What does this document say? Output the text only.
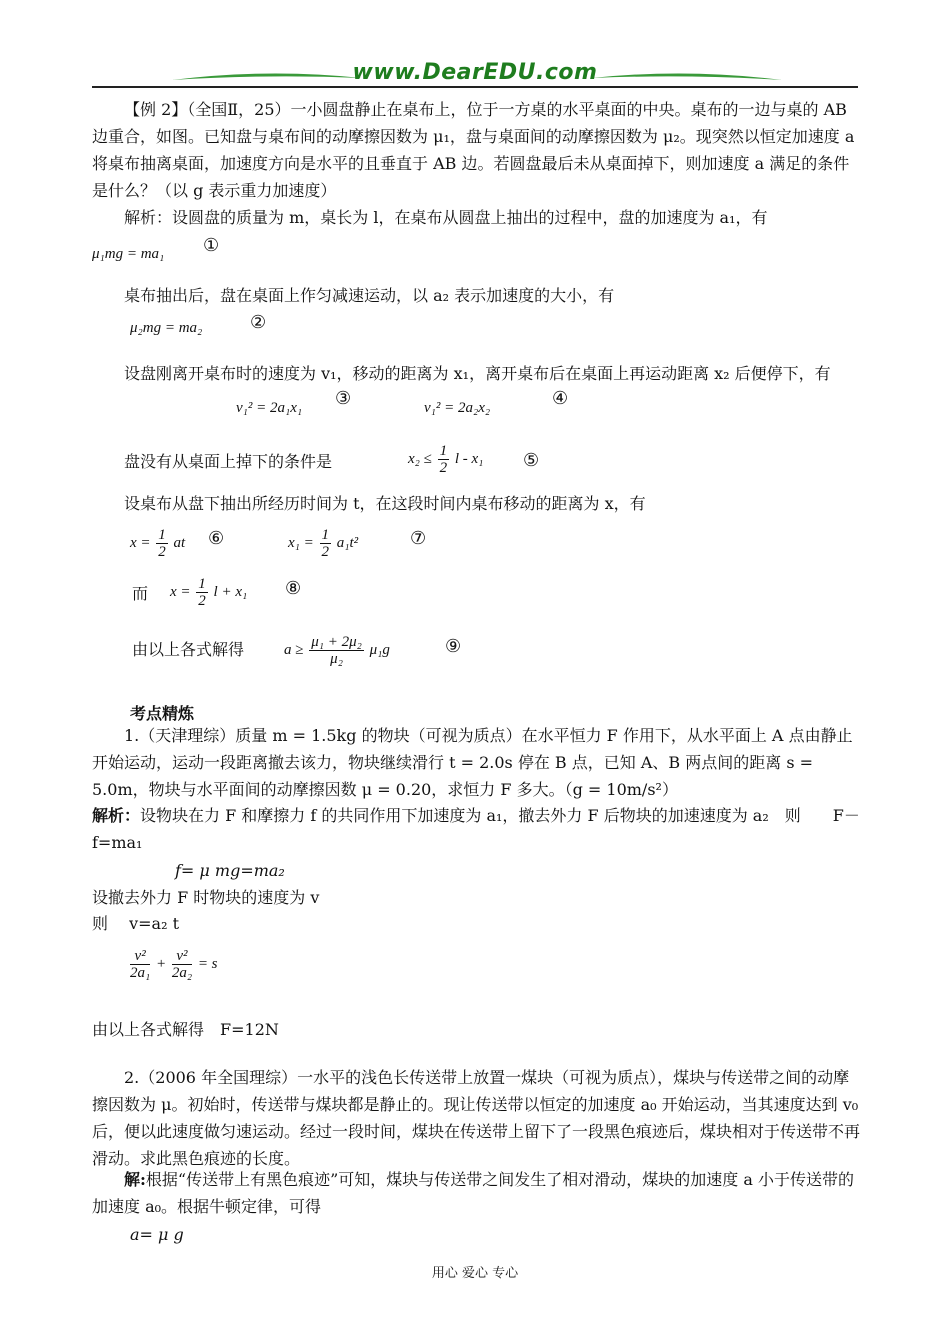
www.DearEDU.com
【例 2】（全国Ⅱ，25）一小圆盘静止在桌布上，位于一方桌的水平桌面的中央。桌布的一边与桌的 AB 边重合，如图。已知盘与桌布间的动摩擦因数为 μ₁，盘与桌面间的动摩擦因数为 μ₂。现突然以恒定加速度 a 将桌布抽离桌面，加速度方向是水平的且垂直于 AB 边。若圆盘最后未从桌面掉下，则加速度 a 满足的条件是什么？（以 g 表示重力加速度）
解析：设圆盘的质量为 m，桌长为 l，在桌布从圆盘上抽出的过程中，盘的加速度为 a₁，有
μ₁mg = ma₁ ①
桌布抽出后，盘在桌面上作匀减速运动，以 a₂ 表示加速度的大小，有
μ₂mg = ma₂	②
设盘刚离开桌布时的速度为 v₁，移动的距离为 x₁，离开桌布后在桌面上再运动距离 x₂ 后便停下，有
v₁² = 2a₁x₁ ③	v₁² = 2a₂x₂	④
盘没有从桌面上掉下的条件是	$x_2 \le \frac{1}{2}$ l - x₁ ⑤
设桌布从盘下抽出所经历时间为 t，在这段时间内桌布移动的距离为 x，有
$x = \frac{1}{2}$ at ⑥	$x_1 = \frac{1}{2} a_1t^2$	⑦
而	$x = \frac{1}{2}$ l + x₁ ⑧
由以上各式解得	$a \ge \frac{\text{μ₁ + 2μ₂}}{\text{μ₂}} \mu_1g$	⑨
考点精炼
1.（天津理综）质量 m = 1.5kg 的物块（可视为质点）在水平恒力 F 作用下，从水平面上 A 点由静止开始运动，运动一段距离撤去该力，物块继续滑行 t = 2.0s 停在 B 点，已知 A、B 两点间的距离 s = 5.0m，物块与水平面间的动摩擦因数 μ = 0.20，求恒力 F 多大。（g = 10m/s²）
解析：设物块在力 F 和摩擦力 f 的共同作用下加速度为 a₁，撤去外力 F 后物块的加速速度为 a₂　则　　F－f=ma₁
f= μ mg=ma₂
设撤去外力 F 时物块的速度为 v
则　 v=a₂ t
$\frac{\text{v²}}{\text{2a₁}} + \frac{\text{v²}}{\text{2a₂}} = s$
由以上各式解得　F=12N
2.（2006 年全国理综）一水平的浅色长传送带上放置一煤块（可视为质点），煤块与传送带之间的动摩擦因数为 μ。初始时，传送带与煤块都是静止的。现让传送带以恒定的加速度 a₀ 开始运动，当其速度达到 v₀ 后，便以此速度做匀速运动。经过一段时间，煤块在传送带上留下了一段黑色痕迹后，煤块相对于传送带不再滑动。求此黑色痕迹的长度。
解:根据“传送带上有黑色痕迹”可知，煤块与传送带之间发生了相对滑动，煤块的加速度 a 小于传送带的加速度 a₀。根据牛顿定律，可得
a= μ g
用心 爱心 专心
